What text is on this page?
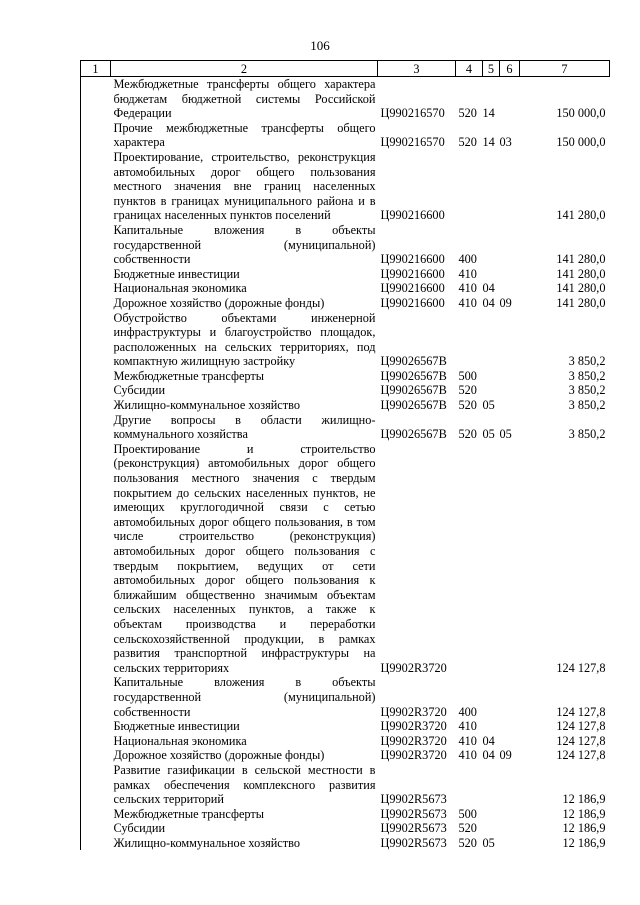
106
1	2	3	4	5	6	7
	Межбюджетные трансферты общего характера бюджетам бюджетной системы Российской Федерации	Ц990216570	520	14		150 000,0
	Прочие межбюджетные трансферты общего характера	Ц990216570	520	14	03	150 000,0
	Проектирование, строительство, реконструкция автомобильных дорог общего пользования местного значения вне границ населенных пунктов в границах муниципального района и в границах населенных пунктов поселений	Ц990216600				141 280,0
	Капитальные вложения в объекты государственной (муниципальной) собственности	Ц990216600	400			141 280,0
	Бюджетные инвестиции	Ц990216600	410			141 280,0
	Национальная экономика	Ц990216600	410	04		141 280,0
	Дорожное хозяйство (дорожные фонды)	Ц990216600	410	04	09	141 280,0
	Обустройство объектами инженерной инфраструктуры и благоустройство площадок, расположенных на сельских территориях, под компактную жилищную застройку	Ц99026567В				3 850,2
	Межбюджетные трансферты	Ц99026567В	500			3 850,2
	Субсидии	Ц99026567В	520			3 850,2
	Жилищно-коммунальное хозяйство	Ц99026567В	520	05		3 850,2
	Другие вопросы в области жилищно-коммунального хозяйства	Ц99026567В	520	05	05	3 850,2
	Проектирование и строительство (реконструкция) автомобильных дорог общего пользования местного значения с твердым покрытием до сельских населенных пунктов, не имеющих круглогодичной связи с сетью автомобильных дорог общего пользования, в том числе строительство (реконструкция) автомобильных дорог общего пользования с твердым покрытием, ведущих от сети автомобильных дорог общего пользования к ближайшим общественно значимым объектам сельских населенных пунктов, а также к объектам производства и переработки сельскохозяйственной продукции, в рамках развития транспортной инфраструктуры на сельских территориях	Ц9902R3720				124 127,8
	Капитальные вложения в объекты государственной (муниципальной) собственности	Ц9902R3720	400			124 127,8
	Бюджетные инвестиции	Ц9902R3720	410			124 127,8
	Национальная экономика	Ц9902R3720	410	04		124 127,8
	Дорожное хозяйство (дорожные фонды)	Ц9902R3720	410	04	09	124 127,8
	Развитие газификации в сельской местности в рамках обеспечения комплексного развития сельских территорий	Ц9902R5673				12 186,9
	Межбюджетные трансферты	Ц9902R5673	500			12 186,9
	Субсидии	Ц9902R5673	520			12 186,9
	Жилищно-коммунальное хозяйство	Ц9902R5673	520	05		12 186,9
